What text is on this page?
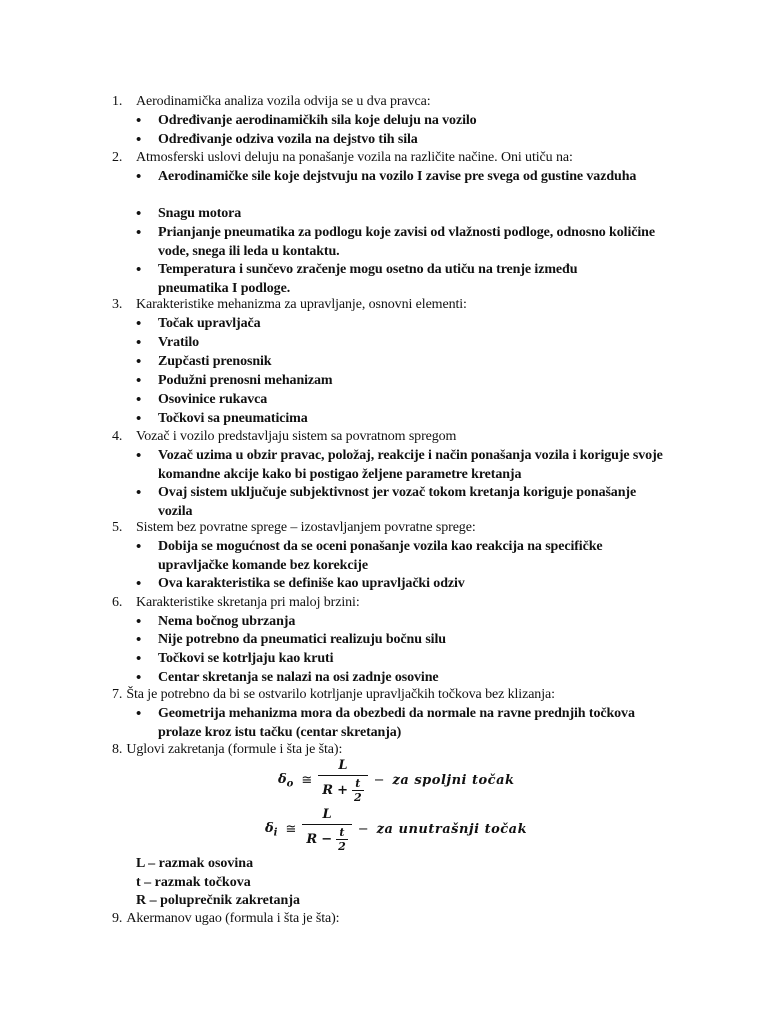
1. Aerodinamička analiza vozila odvija se u dva pravca:
•	Određivanje aerodinamičkih sila koje deluju na vozilo
•	Određivanje odziva vozila na dejstvo tih sila
2. Atmosferski uslovi deluju na ponašanje vozila na različite načine. Oni utiču na:
•	Aerodinamičke sile koje dejstvuju na vozilo I zavise pre svega od gustine vazduha
•	Snagu motora
•	Prianjanje pneumatika za podlogu koje zavisi od vlažnosti podloge, odnosno količine vode, snega ili leda u kontaktu.
•	Temperatura i sunčevo zračenje mogu osetno da utiču na trenje između pneumatika I podloge.
3. Karakteristike mehanizma za upravljanje, osnovni elementi:
•	Točak upravljača
•	Vratilo
•	Zupčasti prenosnik
•	Podužni prenosni mehanizam
•	Osovinice rukavca
•	Točkovi sa pneumaticima
4. Vozač i vozilo predstavljaju sistem sa povratnom spregom
•	Vozač uzima u obzir pravac, položaj, reakcije i način ponašanja vozila i koriguje svoje komandne akcije kako bi postigao željene parametre kretanja
•	Ovaj sistem uključuje subjektivnost jer vozač tokom kretanja koriguje ponašanje vozila
5. Sistem bez povratne sprege – izostavljanjem povratne sprege:
•	Dobija se mogućnost da se oceni ponašanje vozila kao reakcija na specifičke upravljačke komande bez korekcije
•	Ova karakteristika se definiše kao upravljački odziv
6. Karakteristike skretanja pri maloj brzini:
•	Nema bočnog ubrzanja
•	Nije potrebno da pneumatici realizuju bočnu silu
•	Točkovi se kotrljaju kao kruti
•	Centar skretanja se nalazi na osi zadnje osovine
7. Šta je potrebno da bi se ostvarilo kotrljanje upravljačkih točkova bez klizanja:
•	Geometrija mehanizma mora da obezbedi da normale na ravne prednjih točkova prolaze kroz istu tačku (centar skretanja)
8. Uglovi zakretanja (formule i šta je šta):
$\delta_o$ ≅ $\frac{L}{R + \frac{t}{2}}$ − za spoljni točak
$\delta_i$ ≅ $\frac{L}{R - \frac{t}{2}}$ − za unutrašnji točak
L – razmak osovina
t – razmak točkova
R – poluprečnik zakretanja
9. Akermanov ugao (formula i šta je šta):
